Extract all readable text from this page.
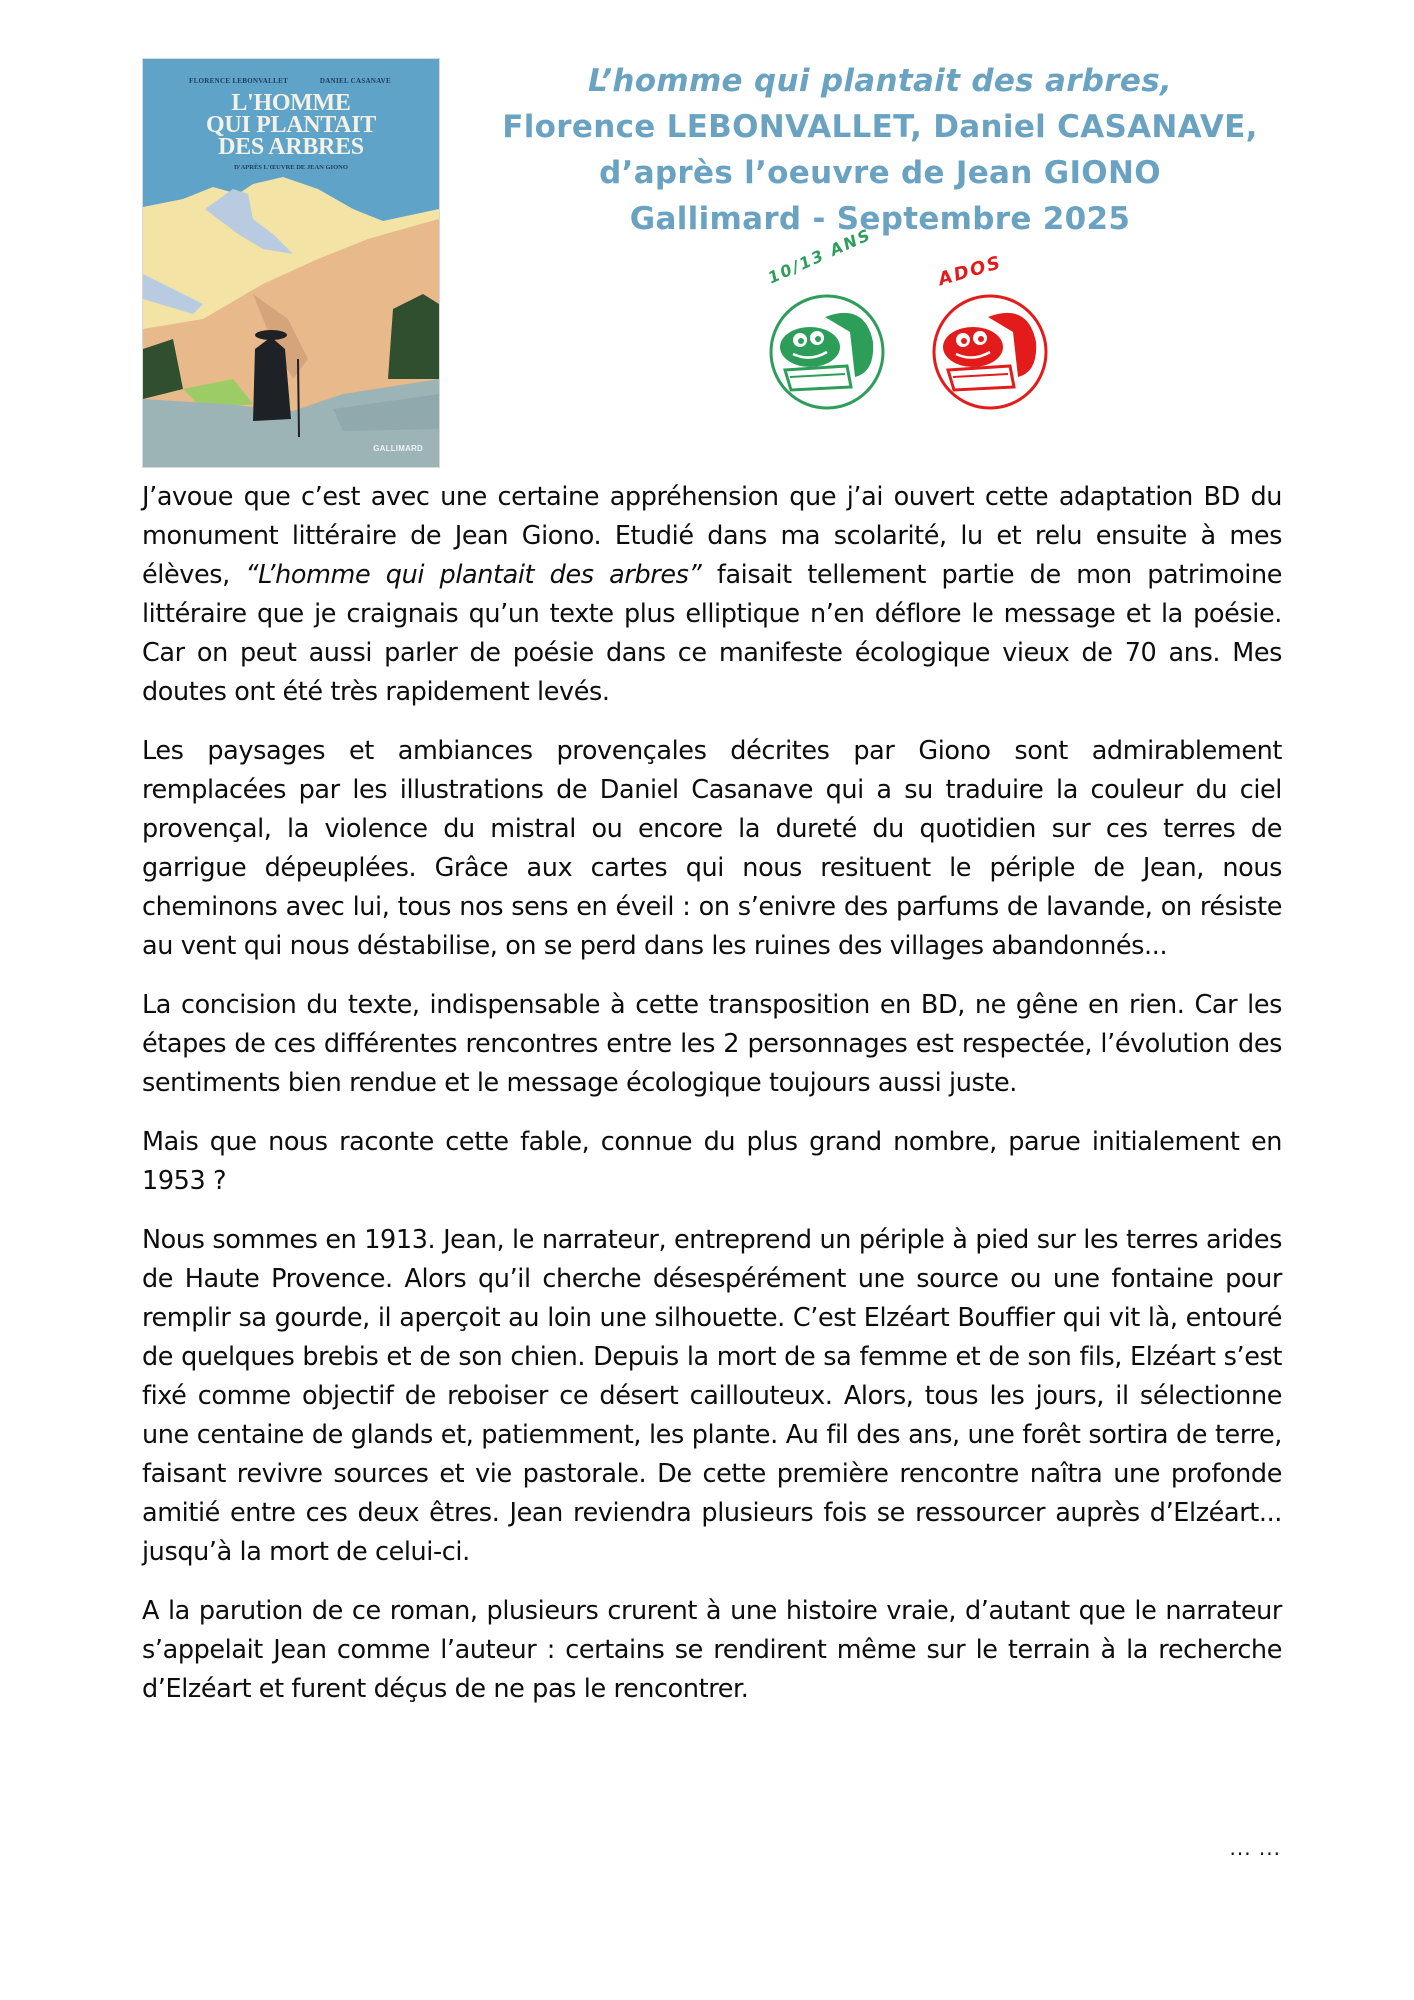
FLORENCE LEBONVALLET	DANIEL CASANAVE
L'HOMME
QUI PLANTAIT
DES ARBRES
D'APRÈS L'ŒUVRE DE JEAN GIONO
GALLIMARD
L’homme qui plantait des arbres,
Florence LEBONVALLET, Daniel CASANAVE,
d’après l’oeuvre de Jean GIONO
Gallimard - Septembre 2025
10/13 ANS	ADOS

J’avoue que c’est avec une certaine appréhension que j’ai ouvert cette adaptation BD du monument littéraire de Jean Giono. Etudié dans ma scolarité, lu et relu ensuite à mes élèves, “L’homme qui plantait des arbres” faisait tellement partie de mon patrimoine littéraire que je craignais qu’un texte plus elliptique n’en déflore le message et la poésie. Car on peut aussi parler de poésie dans ce manifeste écologique vieux de 70 ans. Mes doutes ont été très rapidement levés.

Les paysages et ambiances provençales décrites par Giono sont admirablement remplacées par les illustrations de Daniel Casanave qui a su traduire la couleur du ciel provençal, la violence du mistral ou encore la dureté du quotidien sur ces terres de garrigue dépeuplées. Grâce aux cartes qui nous resituent le périple de Jean, nous cheminons avec lui, tous nos sens en éveil : on s’enivre des parfums de lavande, on résiste au vent qui nous déstabilise, on se perd dans les ruines des villages abandonnés...

La concision du texte, indispensable à cette transposition en BD, ne gêne en rien. Car les étapes de ces différentes rencontres entre les 2 personnages est respectée, l’évolution des sentiments bien rendue et le message écologique toujours aussi juste.

Mais que nous raconte cette fable, connue du plus grand nombre, parue initialement en 1953 ?

Nous sommes en 1913. Jean, le narrateur, entreprend un périple à pied sur les terres arides de Haute Provence. Alors qu’il cherche désespérément une source ou une fontaine pour remplir sa gourde, il aperçoit au loin une silhouette. C’est Elzéart Bouffier qui vit là, entouré de quelques brebis et de son chien. Depuis la mort de sa femme et de son fils, Elzéart s’est fixé comme objectif de reboiser ce désert caillouteux. Alors, tous les jours, il sélectionne une centaine de glands et, patiemment, les plante. Au fil des ans, une forêt sortira de terre, faisant revivre sources et vie pastorale. De cette première rencontre naîtra une profonde amitié entre ces deux êtres. Jean reviendra plusieurs fois se ressourcer auprès d’Elzéart... jusqu’à la mort de celui-ci.

A la parution de ce roman, plusieurs crurent à une histoire vraie, d’autant que le narrateur s’appelait Jean comme l’auteur : certains se rendirent même sur le terrain à la recherche d’Elzéart et furent déçus de ne pas le rencontrer.

... ...
